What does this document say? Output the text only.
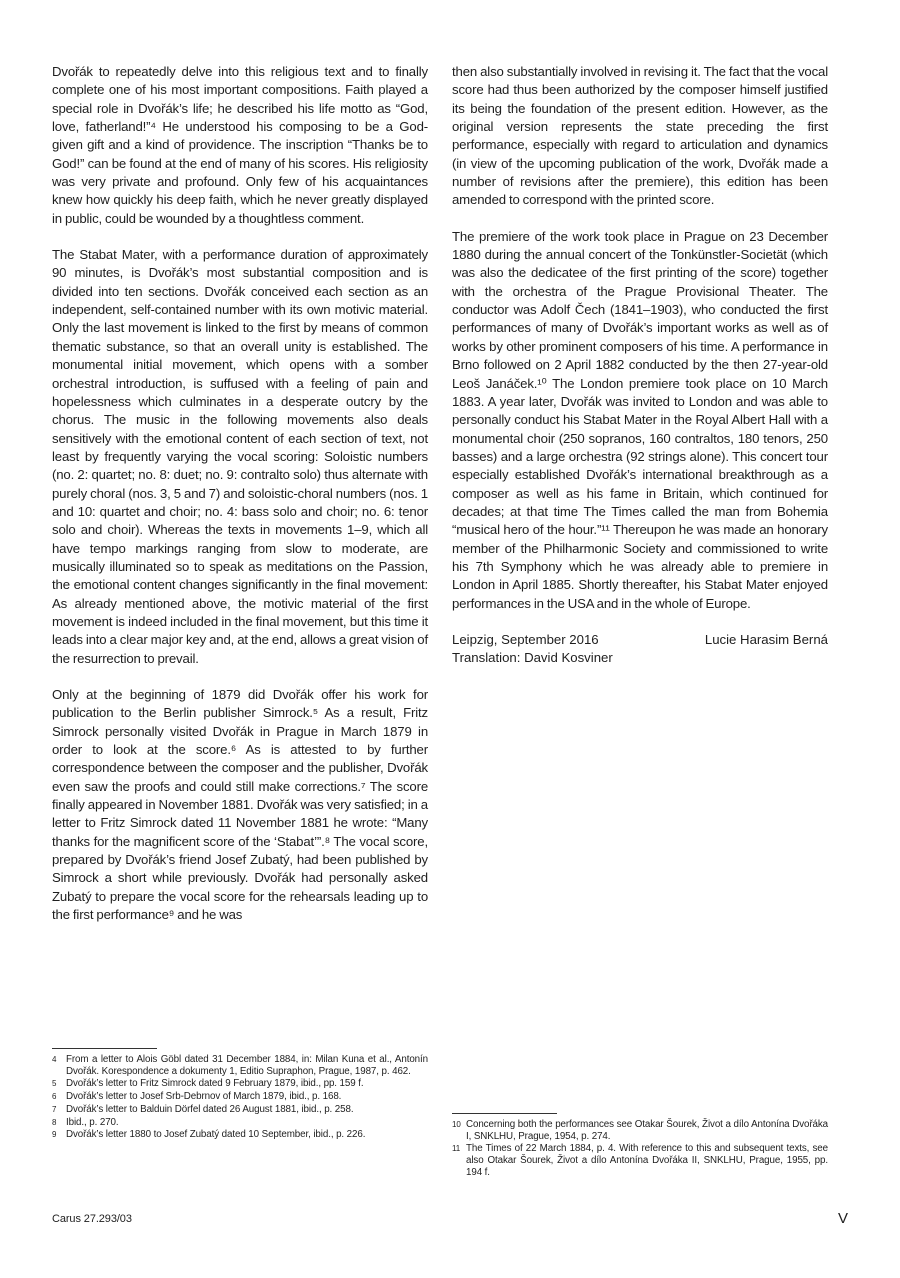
Dvořák to repeatedly delve into this religious text and to finally complete one of his most important compositions. Faith played a special role in Dvořák’s life; he described his life motto as “God, love, fatherland!”⁴ He understood his composing to be a God-given gift and a kind of providence. The inscription “Thanks be to God!” can be found at the end of many of his scores. His religiosity was very private and profound. Only few of his acquaintances knew how quickly his deep faith, which he never greatly displayed in public, could be wounded by a thoughtless comment.

The Stabat Mater, with a performance duration of approximately 90 minutes, is Dvořák’s most substantial composition and is divided into ten sections. Dvořák conceived each section as an independent, self-contained number with its own motivic material. Only the last movement is linked to the first by means of common thematic substance, so that an overall unity is established. The monumental initial movement, which opens with a somber orchestral introduction, is suffused with a feeling of pain and hopelessness which culminates in a desperate outcry by the chorus. The music in the following movements also deals sensitively with the emotional content of each section of text, not least by frequently varying the vocal scoring: Soloistic numbers (no. 2: quartet; no. 8: duet; no. 9: contralto solo) thus alternate with purely choral (nos. 3, 5 and 7) and soloistic-choral numbers (nos. 1 and 10: quartet and choir; no. 4: bass solo and choir; no. 6: tenor solo and choir). Whereas the texts in movements 1–9, which all have tempo markings ranging from slow to moderate, are musically illuminated so to speak as meditations on the Passion, the emotional content changes significantly in the final movement: As already mentioned above, the motivic material of the first movement is indeed included in the final movement, but this time it leads into a clear major key and, at the end, allows a great vision of the resurrection to prevail.

Only at the beginning of 1879 did Dvořák offer his work for publication to the Berlin publisher Simrock.⁵ As a result, Fritz Simrock personally visited Dvořák in Prague in March 1879 in order to look at the score.⁶ As is attested to by further correspondence between the composer and the publisher, Dvořák even saw the proofs and could still make corrections.⁷ The score finally appeared in November 1881. Dvořák was very satisfied; in a letter to Fritz Simrock dated 11 November 1881 he wrote: “Many thanks for the magnificent score of the ‘Stabat’”.⁸ The vocal score, prepared by Dvořák’s friend Josef Zubatý, had been published by Simrock a short while previously. Dvořák had personally asked Zubatý to prepare the vocal score for the rehearsals leading up to the first performance⁹ and he was

then also substantially involved in revising it. The fact that the vocal score had thus been authorized by the composer himself justified its being the foundation of the present edition. However, as the original version represents the state preceding the first performance, especially with regard to articulation and dynamics (in view of the upcoming publication of the work, Dvořák made a number of revisions after the premiere), this edition has been amended to correspond with the printed score.

The premiere of the work took place in Prague on 23 December 1880 during the annual concert of the Tonkünstler-Societät (which was also the dedicatee of the first printing of the score) together with the orchestra of the Prague Provisional Theater. The conductor was Adolf Čech (1841–1903), who conducted the first performances of many of Dvořák’s important works as well as of works by other prominent composers of his time. A performance in Brno followed on 2 April 1882 conducted by the then 27-year-old Leoš Janáček.¹⁰ The London premiere took place on 10 March 1883. A year later, Dvořák was invited to London and was able to personally conduct his Stabat Mater in the Royal Albert Hall with a monumental choir (250 sopranos, 160 contraltos, 180 tenors, 250 basses) and a large orchestra (92 strings alone). This concert tour especially established Dvořák’s international breakthrough as a composer as well as his fame in Britain, which continued for decades; at that time The Times called the man from Bohemia “musical hero of the hour.”¹¹ Thereupon he was made an honorary member of the Philharmonic Society and commissioned to write his 7th Symphony which he was already able to premiere in London in April 1885. Shortly thereafter, his Stabat Mater enjoyed performances in the USA and in the whole of Europe.

Leipzig, September 2016	Lucie Harasim Berná
Translation: David Kosviner
4 From a letter to Alois Göbl dated 31 December 1884, in: Milan Kuna et al., Antonín Dvořák. Korespondence a dokumenty 1, Editio Supraphon, Prague, 1987, p. 462.
5 Dvořák’s letter to Fritz Simrock dated 9 February 1879, ibid., pp. 159 f.
6 Dvořák’s letter to Josef Srb-Debrnov of March 1879, ibid., p. 168.
7 Dvořák’s letter to Balduin Dörfel dated 26 August 1881, ibid., p. 258.
8 Ibid., p. 270.
9 Dvořák’s letter 1880 to Josef Zubatý dated 10 September, ibid., p. 226.
10 Concerning both the performances see Otakar Šourek, Život a dílo Antonína Dvořáka I, SNKLHU, Prague, 1954, p. 274.
11 The Times of 22 March 1884, p. 4. With reference to this and subsequent texts, see also Otakar Šourek, Život a dílo Antonína Dvořáka II, SNKLHU, Prague, 1955, pp. 194 f.
Carus 27.293/03	V
